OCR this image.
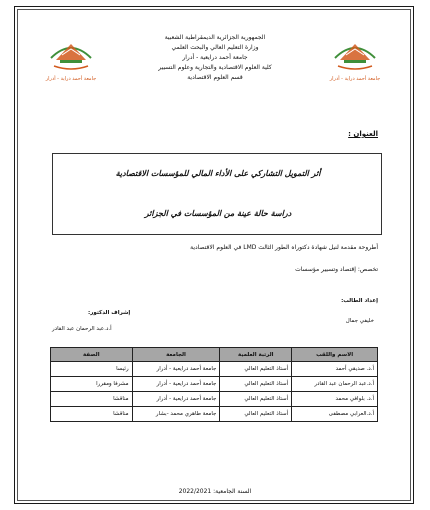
جامعة أحمد دراية - أدرار	جامعة أحمد دراية - أدرار
الجمهورية الجزائرية الديمقراطية الشعبية
وزارة التعليم العالي والبحث العلمي
جامعة أحمد درايعية - أدرار
كلية العلوم الاقتصادية والتجارية وعلوم التسيير
قسم العلوم الاقتصادية
العنوان :
أثر التمويل التشاركي على الأداء المالي للمؤسسات الاقتصادية
دراسة حالة عينة من المؤسسات في الجزائر
أطروحة مقدمة لنيل شهادة دكتوراه الطور الثالث LMD في العلوم الاقتصادية
تخصص: إقتصاد وتسيير مؤسسات
إعداد الطالب:
خليفي جمال
إشراف الدكتور:
أ.د.عبد الرحمان عبد القادر
الاسم واللقب	الرتبة العلمية	الجامعة	الصفة
أ.د. صديقي أحمد	أستاذ التعليم العالي	جامعة أحمد درايعية - أدرار	رئيسا
أ.د.عبد الرحمان عبد القادر	أستاذ التعليم العالي	جامعة أحمد درايعية - أدرار	مشرفا ومقررا
أ.د. بلوافي محمد	أستاذ التعليم العالي	جامعة أحمد درايعية - أدرار	مناقشا
أ.د.العرابي مصطفى	أستاذ التعليم العالي	جامعة طاهري محمد -بشار	مناقشا
السنة الجامعية: 2022/2021
